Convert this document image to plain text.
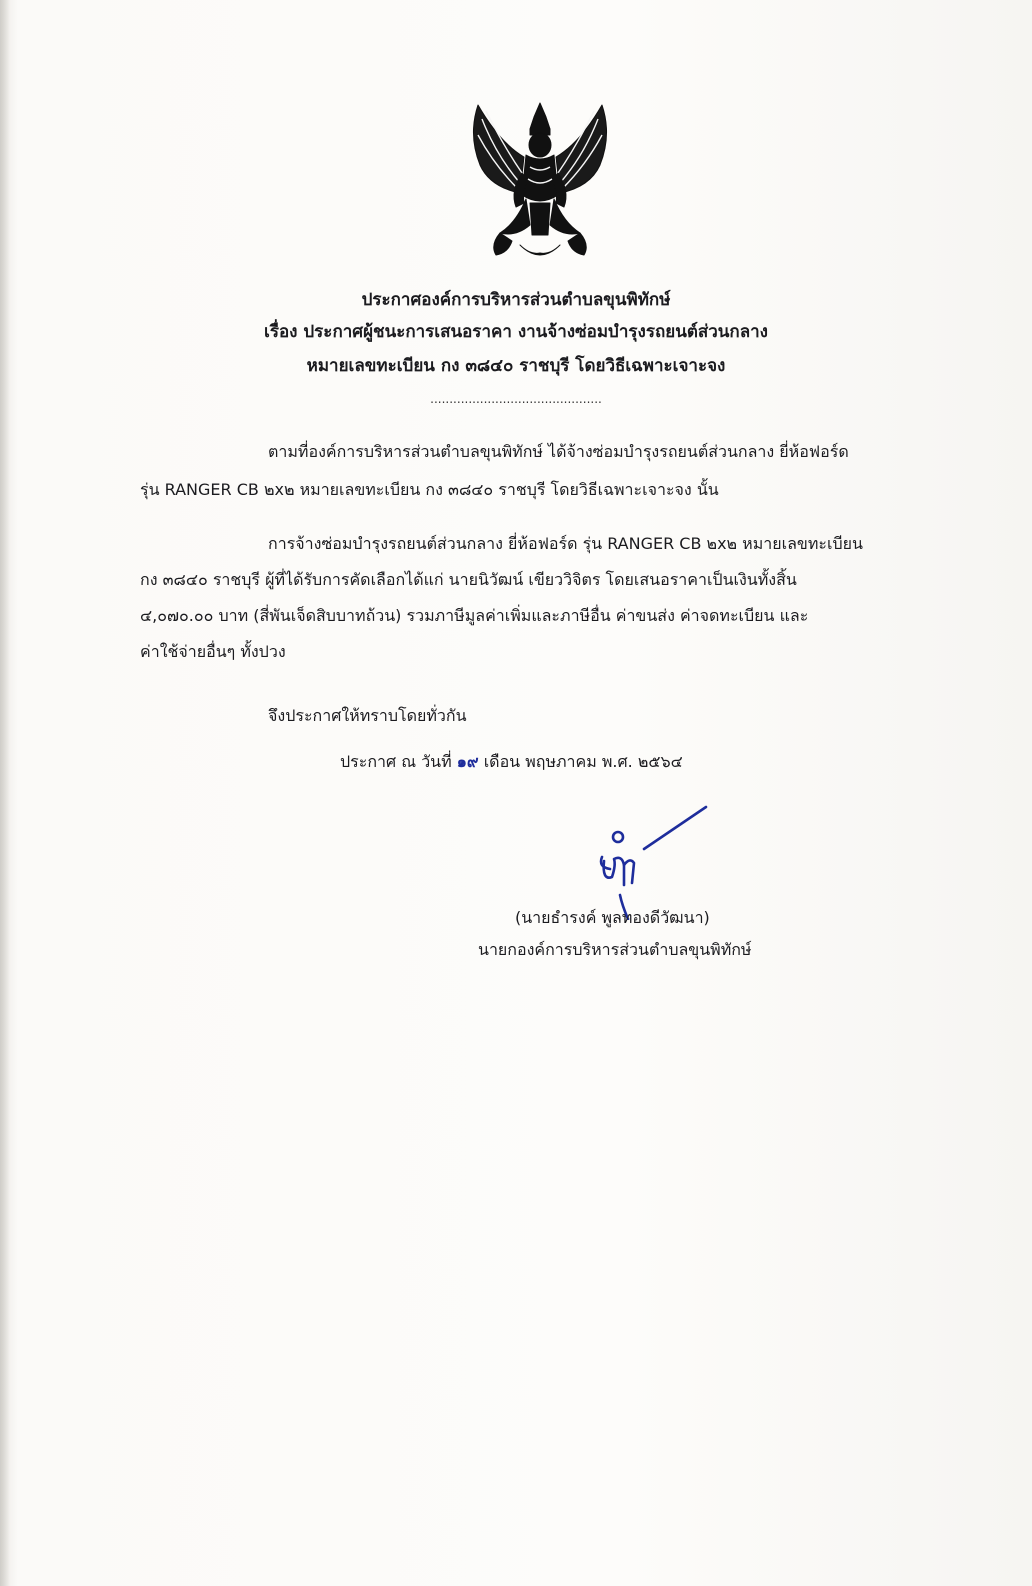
ประกาศองค์การบริหารส่วนตำบลขุนพิทักษ์
เรื่อง ประกาศผู้ชนะการเสนอราคา งานจ้างซ่อมบำรุงรถยนต์ส่วนกลาง
หมายเลขทะเบียน กง ๓๘๔๐ ราชบุรี โดยวิธีเฉพาะเจาะจง
.............................................
ตามที่องค์การบริหารส่วนตำบลขุนพิทักษ์ ได้จ้างซ่อมบำรุงรถยนต์ส่วนกลาง ยี่ห้อฟอร์ด
รุ่น RANGER CB ๒x๒ หมายเลขทะเบียน กง ๓๘๔๐ ราชบุรี โดยวิธีเฉพาะเจาะจง นั้น
การจ้างซ่อมบำรุงรถยนต์ส่วนกลาง ยี่ห้อฟอร์ด รุ่น RANGER CB ๒x๒ หมายเลขทะเบียน
กง ๓๘๔๐ ราชบุรี ผู้ที่ได้รับการคัดเลือกได้แก่ นายนิวัฒน์ เขียววิจิตร โดยเสนอราคาเป็นเงินทั้งสิ้น
๔,๐๗๐.๐๐ บาท (สี่พันเจ็ดสิบบาทถ้วน) รวมภาษีมูลค่าเพิ่มและภาษีอื่น ค่าขนส่ง ค่าจดทะเบียน และ
ค่าใช้จ่ายอื่นๆ ทั้งปวง
จึงประกาศให้ทราบโดยทั่วกัน
ประกาศ ณ วันที่ ๑๙ เดือน พฤษภาคม พ.ศ. ๒๕๖๔
(นายธำรงค์ พูลทองดีวัฒนา)
นายกองค์การบริหารส่วนตำบลขุนพิทักษ์
